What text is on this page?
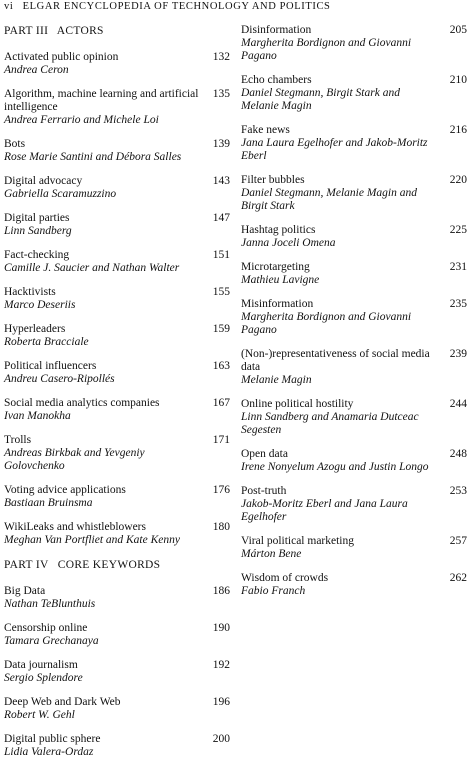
vi ELGAR ENCYCLOPEDIA OF TECHNOLOGY AND POLITICS
PART III ACTORS
132
Activated public opinion
Andrea Ceron
135
Algorithm, machine learning and artificial intelligence
Andrea Ferrario and Michele Loi
139
Bots
Rose Marie Santini and Débora Salles
143
Digital advocacy
Gabriella Scaramuzzino
147
Digital parties
Linn Sandberg
151
Fact-checking
Camille J. Saucier and Nathan Walter
155
Hacktivists
Marco Deseriis
159
Hyperleaders
Roberta Bracciale
163
Political influencers
Andreu Casero-Ripollés
167
Social media analytics companies
Ivan Manokha
171
Trolls
Andreas Birkbak and Yevgeniy Golovchenko
176
Voting advice applications
Bastiaan Bruinsma
180
WikiLeaks and whistleblowers
Meghan Van Portfliet and Kate Kenny
PART IV CORE KEYWORDS
186
Big Data
Nathan TeBlunthuis
190
Censorship online
Tamara Grechanaya
192
Data journalism
Sergio Splendore
196
Deep Web and Dark Web
Robert W. Gehl
200
Digital public sphere
Lidia Valera-Ordaz
205
Disinformation
Margherita Bordignon and Giovanni Pagano
210
Echo chambers
Daniel Stegmann, Birgit Stark and Melanie Magin
216
Fake news
Jana Laura Egelhofer and Jakob-Moritz Eberl
220
Filter bubbles
Daniel Stegmann, Melanie Magin and Birgit Stark
225
Hashtag politics
Janna Joceli Omena
231
Microtargeting
Mathieu Lavigne
235
Misinformation
Margherita Bordignon and Giovanni Pagano
239
(Non-)representativeness of social media data
Melanie Magin
244
Online political hostility
Linn Sandberg and Anamaria Dutceac Segesten
248
Open data
Irene Nonyelum Azogu and Justin Longo
253
Post-truth
Jakob-Moritz Eberl and Jana Laura Egelhofer
257
Viral political marketing
Márton Bene
262
Wisdom of crowds
Fabio Franch
